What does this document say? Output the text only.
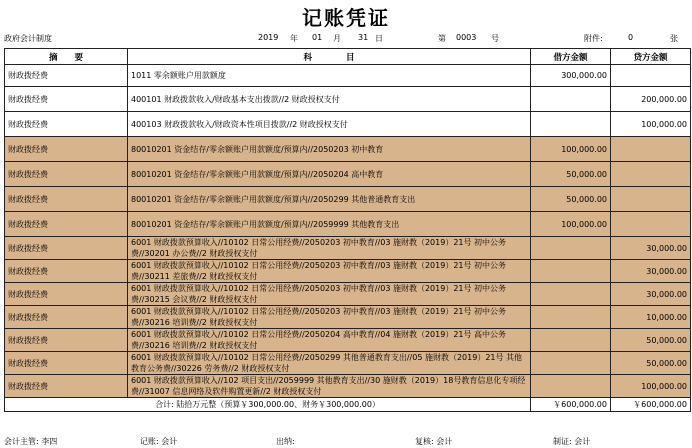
记账凭证
政府会计制度	2019 年 01 月 31 日	第 0003 号	附件:	0	张
摘　　要	科　　　　目	借方金额	贷方金额
财政拨经费	1011 零余额账户用款额度	300,000.00	
财政拨经费	400101 财政拨款收入/财政基本支出拨款//2 财政授权支付		200,000.00
财政拨经费	400103 财政拨款收入/财政资本性项目拨款//2 财政授权支付		100,000.00
财政拨经费	80010201 资金结存/零余额账户用款额度/预算内//2050203 初中教育	100,000.00	
财政拨经费	80010201 资金结存/零余额账户用款额度/预算内//2050204 高中教育	50,000.00	
财政拨经费	80010201 资金结存/零余额账户用款额度/预算内//2050299 其他普通教育支出	50,000.00	
财政拨经费	80010201 资金结存/零余额账户用款额度/预算内//2059999 其他教育支出	100,000.00	
财政拨经费	6001 财政拨款预算收入//10102 日常公用经费//2050203 初中教育//03 施财教（2019）21号 初中公务费//30201 办公费//2 财政授权支付		30,000.00
财政拨经费	6001 财政拨款预算收入//10102 日常公用经费//2050203 初中教育//03 施财教（2019）21号 初中公务费//30211 差旅费//2 财政授权支付		30,000.00
财政拨经费	6001 财政拨款预算收入//10102 日常公用经费//2050203 初中教育//03 施财教（2019）21号 初中公务费//30215 会议费//2 财政授权支付		30,000.00
财政拨经费	6001 财政拨款预算收入//10102 日常公用经费//2050203 初中教育//03 施财教（2019）21号 初中公务费//30216 培训费//2 财政授权支付		10,000.00
财政拨经费	6001 财政拨款预算收入//10102 日常公用经费//2050204 高中教育//04 施财教（2019）21号 高中公务费//30216 培训费//2 财政授权支付		50,000.00
财政拨经费	6001 财政拨款预算收入//10102 日常公用经费//2050299 其他普通教育支出//05 施财教（2019）21号 其他教育公务费//30226 劳务费//2 财政授权支付		50,000.00
财政拨经费	6001 财政拨款预算收入//102 项目支出//2059999 其他教育支出//30 施财教（2019）18号教育信息化专项经费//31007 信息网络及软件购置更新//2 财政授权支付		100,000.00
合计: 陆拾万元整（预算￥300,000.00、财务￥300,000.00）		￥600,000.00	￥600,000.00
会计主管: 李四	记账: 会计	出纳:	复核: 会计	制证: 会计
